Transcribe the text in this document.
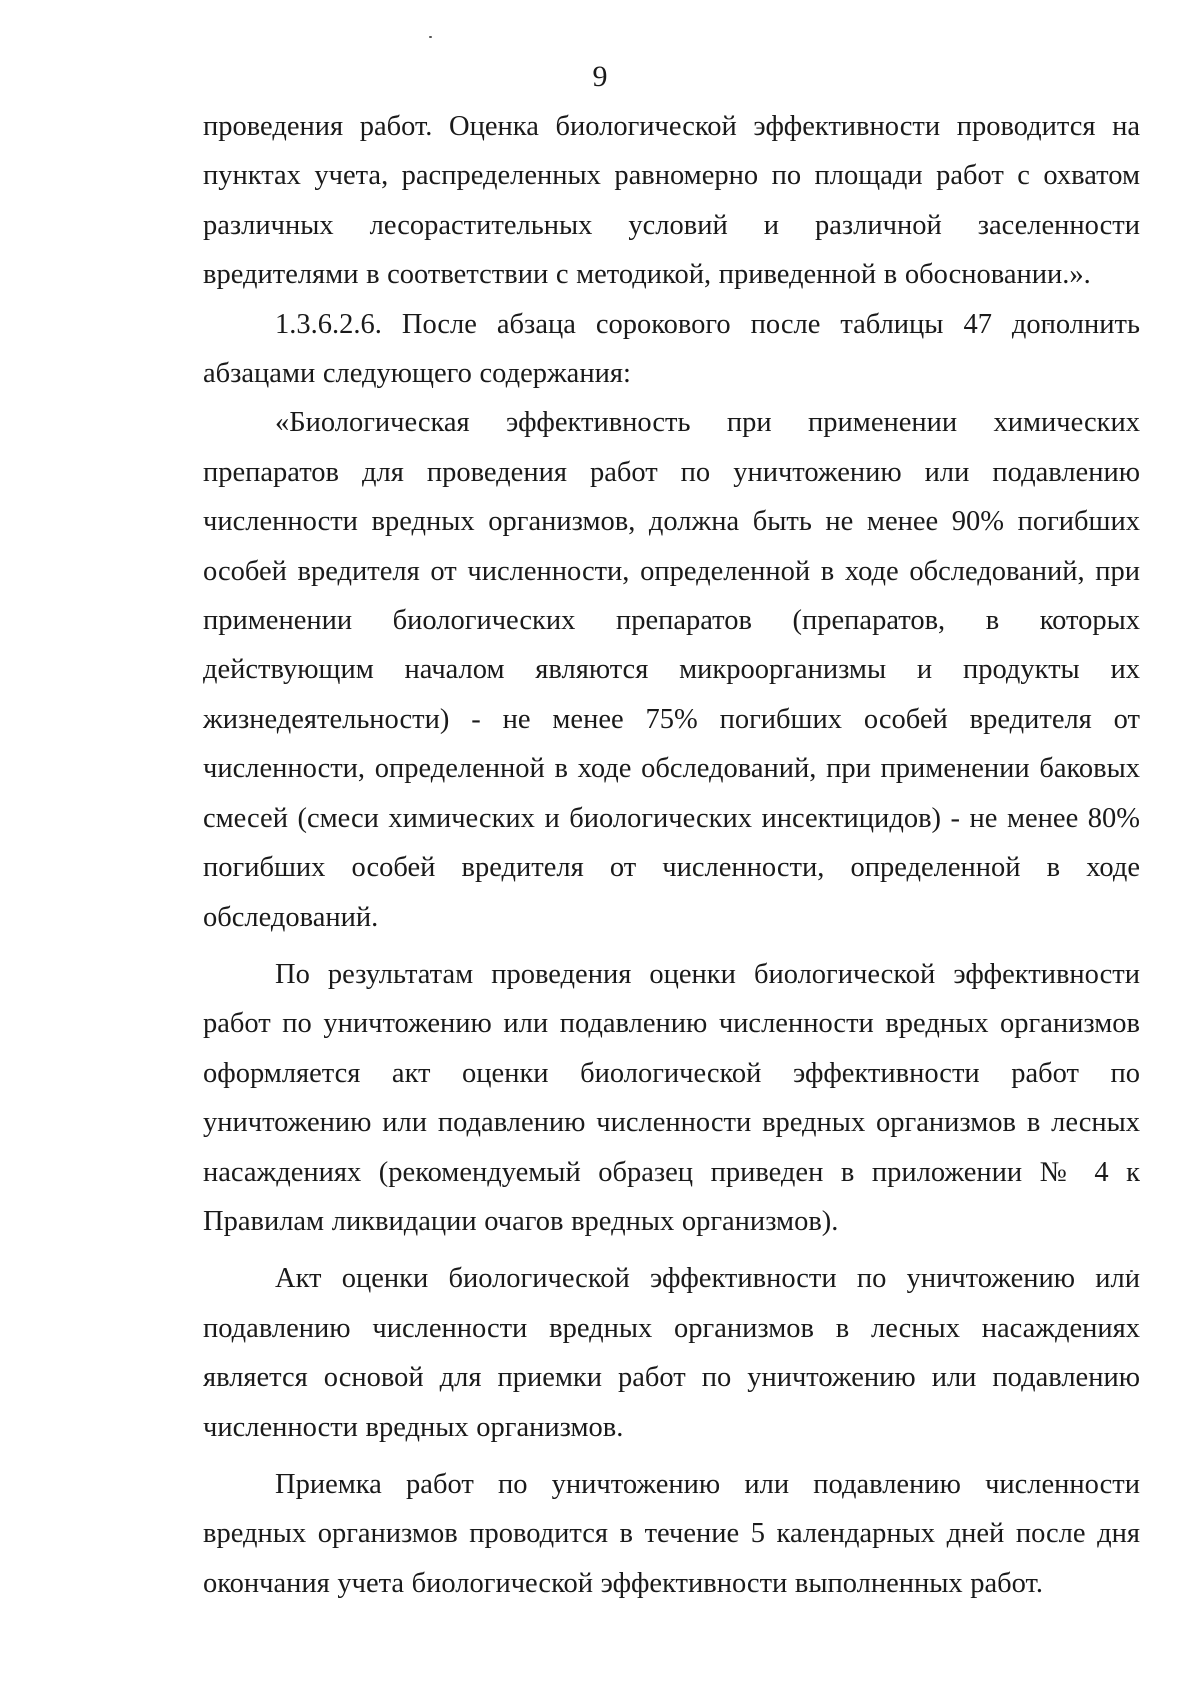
9

проведения работ. Оценка биологической эффективности проводится на пунктах учета, распределенных равномерно по площади работ с охватом различных лесорастительных условий и различной заселенности вредителями в соответствии с методикой, приведенной в обосновании.».

1.3.6.2.6. После абзаца сорокового после таблицы 47 дополнить абзацами следующего содержания:

«Биологическая эффективность при применении химических препаратов для проведения работ по уничтожению или подавлению численности вредных организмов, должна быть не менее 90% погибших особей вредителя от численности, определенной в ходе обследований, при применении биологических препаратов (препаратов, в которых действующим началом являются микроорганизмы и продукты их жизнедеятельности) - не менее 75% погибших особей вредителя от численности, определенной в ходе обследований, при применении баковых смесей (смеси химических и биологических инсектицидов) - не менее 80% погибших особей вредителя от численности, определенной в ходе обследований.

По результатам проведения оценки биологической эффективности работ по уничтожению или подавлению численности вредных организмов оформляется акт оценки биологической эффективности работ по уничтожению или подавлению численности вредных организмов в лесных насаждениях (рекомендуемый образец приведен в приложении № 4 к Правилам ликвидации очагов вредных организмов).

Акт оценки биологической эффективности по уничтожению или подавлению численности вредных организмов в лесных насаждениях является основой для приемки работ по уничтожению или подавлению численности вредных организмов.

Приемка работ по уничтожению или подавлению численности вредных организмов проводится в течение 5 календарных дней после дня окончания учета биологической эффективности выполненных работ.
